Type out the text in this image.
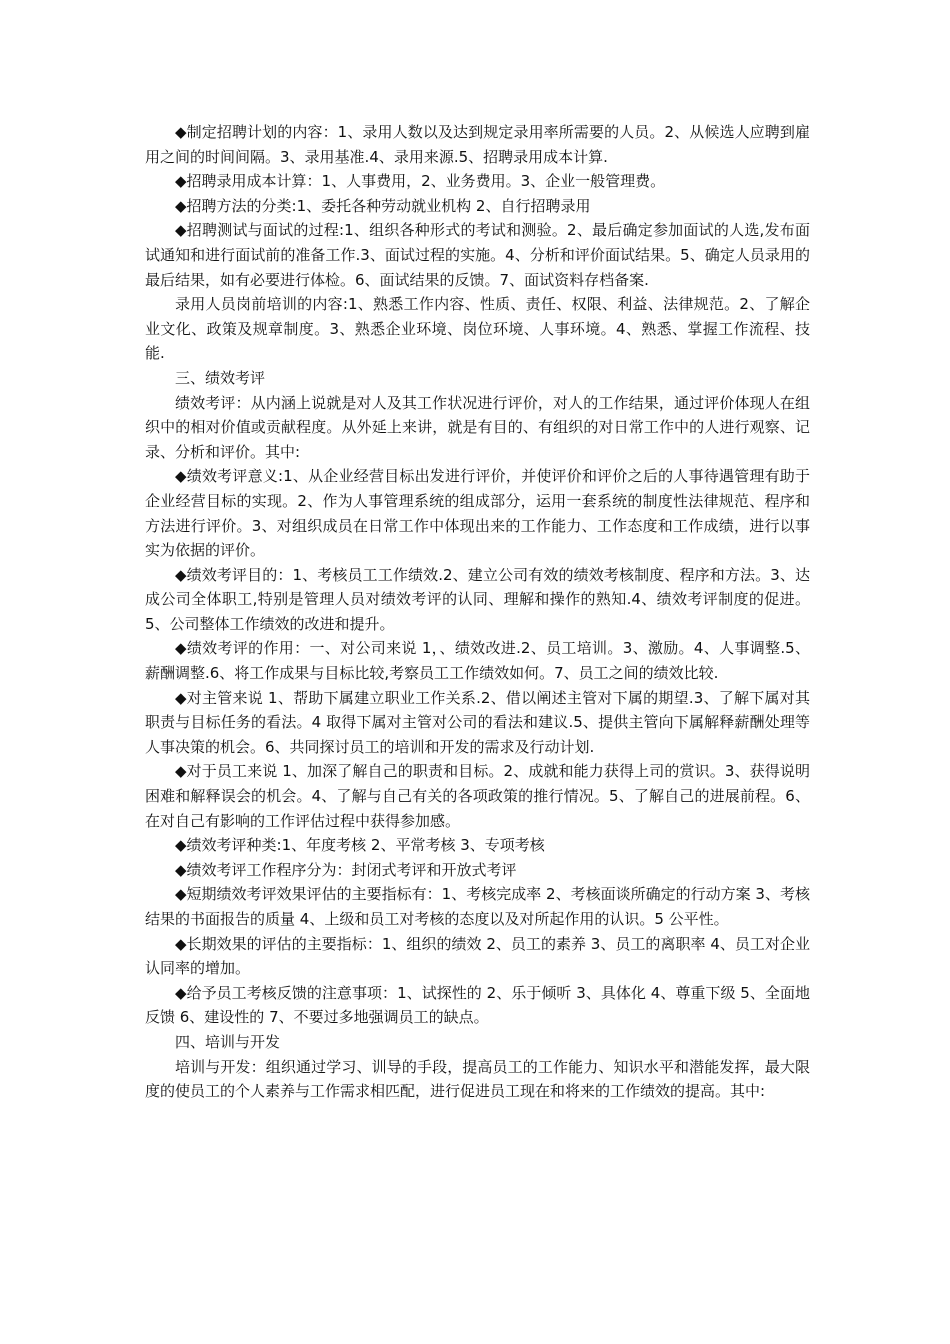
◆制定招聘计划的内容：1、录用人数以及达到规定录用率所需要的人员。2、从候选人应聘到雇用之间的时间间隔。3、录用基准.4、录用来源.5、招聘录用成本计算.

◆招聘录用成本计算：1、人事费用，2、业务费用。3、企业一般管理费。

◆招聘方法的分类:1、委托各种劳动就业机构 2、自行招聘录用

◆招聘测试与面试的过程:1、组织各种形式的考试和测验。2、最后确定参加面试的人选,发布面试通知和进行面试前的准备工作.3、面试过程的实施。4、分析和评价面试结果。5、确定人员录用的最后结果，如有必要进行体检。6、面试结果的反馈。7、面试资料存档备案.

录用人员岗前培训的内容:1、熟悉工作内容、性质、责任、权限、利益、法律规范。2、了解企业文化、政策及规章制度。3、熟悉企业环境、岗位环境、人事环境。4、熟悉、掌握工作流程、技能.

三、绩效考评

绩效考评：从内涵上说就是对人及其工作状况进行评价，对人的工作结果，通过评价体现人在组织中的相对价值或贡献程度。从外延上来讲，就是有目的、有组织的对日常工作中的人进行观察、记录、分析和评价。其中:

◆绩效考评意义:1、从企业经营目标出发进行评价，并使评价和评价之后的人事待遇管理有助于企业经营目标的实现。2、作为人事管理系统的组成部分，运用一套系统的制度性法律规范、程序和方法进行评价。3、对组织成员在日常工作中体现出来的工作能力、工作态度和工作成绩，进行以事实为依据的评价。

◆绩效考评目的：1、考核员工工作绩效.2、建立公司有效的绩效考核制度、程序和方法。3、达成公司全体职工,特别是管理人员对绩效考评的认同、理解和操作的熟知.4、绩效考评制度的促进。5、公司整体工作绩效的改进和提升。

◆绩效考评的作用：一、对公司来说 1，、绩效改进.2、员工培训。3、激励。4、人事调整.5、薪酬调整.6、将工作成果与目标比较,考察员工工作绩效如何。7、员工之间的绩效比较.

◆对主管来说 1、帮助下属建立职业工作关系.2、借以阐述主管对下属的期望.3、了解下属对其职责与目标任务的看法。4 取得下属对主管对公司的看法和建议.5、提供主管向下属解释薪酬处理等人事决策的机会。6、共同探讨员工的培训和开发的需求及行动计划.

◆对于员工来说 1、加深了解自己的职责和目标。2、成就和能力获得上司的赏识。3、获得说明困难和解释误会的机会。4、了解与自己有关的各项政策的推行情况。5、了解自己的进展前程。6、在对自己有影响的工作评估过程中获得参加感。

◆绩效考评种类:1、年度考核 2、平常考核 3、专项考核

◆绩效考评工作程序分为：封闭式考评和开放式考评

◆短期绩效考评效果评估的主要指标有：1、考核完成率 2、考核面谈所确定的行动方案 3、考核结果的书面报告的质量 4、上级和员工对考核的态度以及对所起作用的认识。5 公平性。

◆长期效果的评估的主要指标：1、组织的绩效 2、员工的素养 3、员工的离职率 4、员工对企业认同率的增加。

◆给予员工考核反馈的注意事项：1、试探性的 2、乐于倾听 3、具体化 4、尊重下级 5、全面地反馈 6、建设性的 7、不要过多地强调员工的缺点。

四、培训与开发

培训与开发：组织通过学习、训导的手段，提高员工的工作能力、知识水平和潜能发挥，最大限度的使员工的个人素养与工作需求相匹配，进行促进员工现在和将来的工作绩效的提高。其中:
